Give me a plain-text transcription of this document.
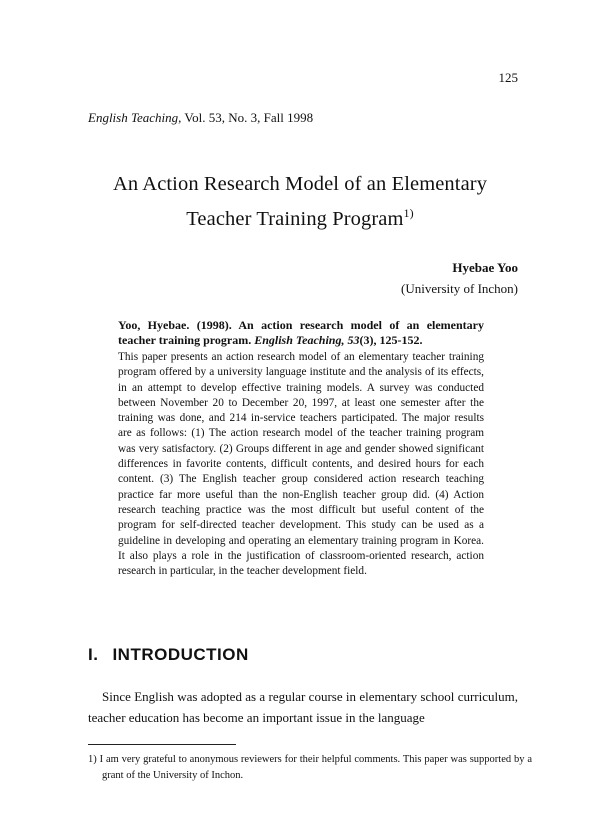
125
English Teaching, Vol. 53, No. 3, Fall 1998
An Action Research Model of an Elementary
Teacher Training Program$^{1)}$
Hyebae Yoo
(University of Inchon)

Yoo, Hyebae. (1998). An action research model of an elementary teacher training program. English Teaching, 53(3), 125-152.

This paper presents an action research model of an elementary teacher training program offered by a university language institute and the analysis of its effects, in an attempt to develop effective training models. A survey was conducted between November 20 to December 20, 1997, at least one semester after the training was done, and 214 in-service teachers participated. The major results are as follows: (1) The action research model of the teacher training program was very satisfactory. (2) Groups different in age and gender showed significant differences in favorite contents, difficult contents, and desired hours for each content. (3) The English teacher group considered action research teaching practice far more useful than the non-English teacher group did. (4) Action research teaching practice was the most difficult but useful content of the program for self-directed teacher development. This study can be used as a guideline in developing and operating an elementary training program in Korea. It also plays a role in the justification of classroom-oriented research, action research in particular, in the teacher development field.

I. INTRODUCTION

Since English was adopted as a regular course in elementary school curriculum, teacher education has become an important issue in the language

1) I am very grateful to anonymous reviewers for their helpful comments. This paper was supported by a grant of the University of Inchon.
